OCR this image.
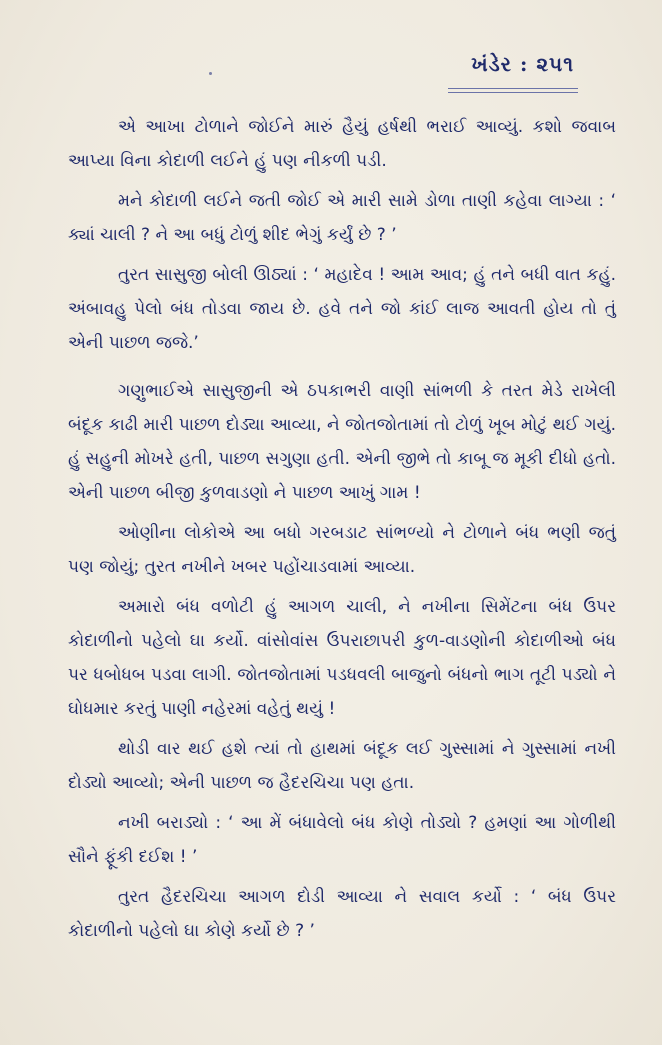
ખંડેર : ૨૫૧

એ આખા ટોળાને જોઈને મારું હૈયું હર્ષથી ભરાઈ આવ્યું. કશો જવાબ આપ્યા વિના કોદાળી લઈને હું પણ નીકળી પડી.

મને કોદાળી લઈને જતી જોઈ એ મારી સામે ડોળા તાણી કહેવા લાગ્યા : ‘ ક્યાં ચાલી ? ને આ બધું ટોળું શીદ ભેગું કર્યું છે ? ’

તુરત સાસુજી બોલી ઊઠ્યાં : ‘ મહાદેવ ! આમ આવ; હું તને બધી વાત કહું. અંબાવહુ પેલો બંધ તોડવા જાય છે. હવે તને જો કાંઈ લાજ આવતી હોય તો તું એની પાછળ જજે.’

ગણુભાઈએ સાસુજીની એ ઠપકાભરી વાણી સાંભળી કે તરત મેડે રાખેલી બંદૂક કાઢી મારી પાછળ દોડ્યા આવ્યા, ને જોતજોતામાં તો ટોળું ખૂબ મોટું થઈ ગયું. હું સહુની મોખરે હતી, પાછળ સગુણા હતી. એની જીભે તો કાબૂ જ મૂકી દીધો હતો. એની પાછળ બીજી કુળવાડણો ને પાછળ આખું ગામ !

ઓણીના લોકોએ આ બધો ગરબડાટ સાંભળ્યો ને ટોળાને બંધ ભણી જતું પણ જોયું; તુરત નખીને ખબર પહોંચાડવામાં આવ્યા.

અમારો બંધ વળોટી હું આગળ ચાલી, ને નખીના સિમેંટના બંધ ઉપર કોદાળીનો પહેલો ઘા કર્યો. વાંસોવાંસ ઉપરાછાપરી કુળ-વાડણોની કોદાળીઓ બંધ પર ધબોધબ પડવા લાગી. જોતજોતામાં પડધવલી બાજુનો બંધનો ભાગ તૂટી પડ્યો ને ઘોધમાર કરતું પાણી નહેરમાં વહેતું થયું !

થોડી વાર થઈ હશે ત્યાં તો હાથમાં બંદૂક લઈ ગુસ્સામાં ને ગુસ્સામાં નખી દોડ્યો આવ્યો; એની પાછળ જ હૈદરચિચા પણ હતા.

નખી બરાડ્યો : ‘ આ મેં બંધાવેલો બંધ કોણે તોડ્યો ? હમણાં આ ગોળીથી સૌને ફૂંકી દઈશ ! ’

તુરત હૈદરચિચા આગળ દોડી આવ્યા ને સવાલ કર્યો : ‘ બંધ ઉપર કોદાળીનો પહેલો ઘા કોણે કર્યો છે ? ’
